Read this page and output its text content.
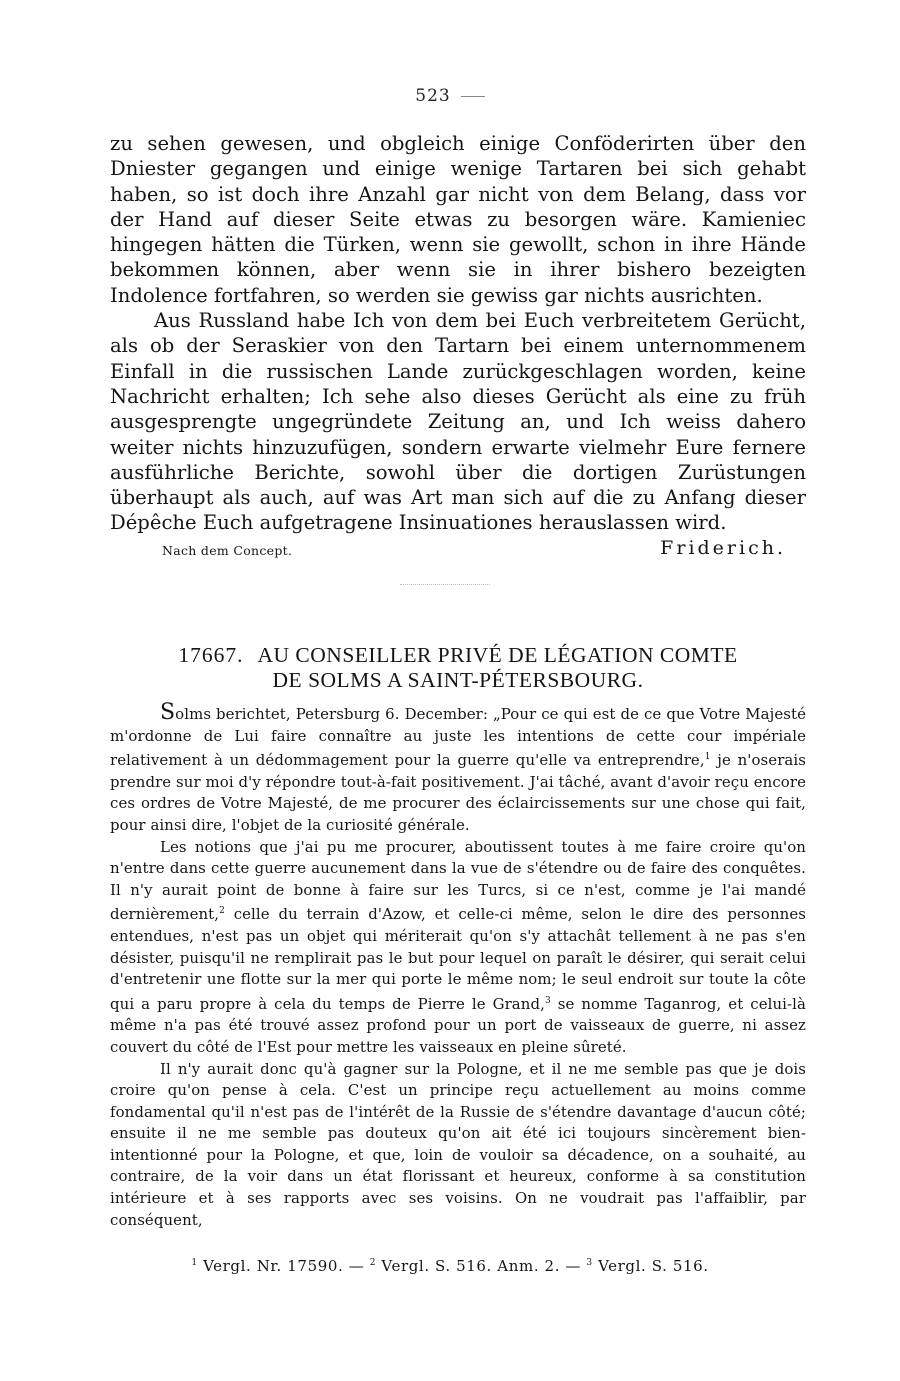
523

zu sehen gewesen, und obgleich einige Conföderirten über den Dniester gegangen und einige wenige Tartaren bei sich gehabt haben, so ist doch ihre Anzahl gar nicht von dem Belang, dass vor der Hand auf dieser Seite etwas zu besorgen wäre. Kamieniec hingegen hätten die Türken, wenn sie gewollt, schon in ihre Hände bekommen können, aber wenn sie in ihrer bishero bezeigten Indolence fortfahren, so werden sie gewiss gar nichts ausrichten.

Aus Russland habe Ich von dem bei Euch verbreitetem Gerücht, als ob der Seraskier von den Tartarn bei einem unternommenem Einfall in die russischen Lande zurückgeschlagen worden, keine Nachricht erhalten; Ich sehe also dieses Gerücht als eine zu früh ausgesprengte ungegründete Zeitung an, und Ich weiss dahero weiter nichts hinzuzufügen, sondern erwarte vielmehr Eure fernere ausführliche Berichte, sowohl über die dortigen Zurüstungen überhaupt als auch, auf was Art man sich auf die zu Anfang dieser Dépêche Euch aufgetragene Insinuationes herauslassen wird.

Nach dem Concept.	Friderich.
17667. AU CONSEILLER PRIVÉ DE LÉGATION COMTE
DE SOLMS A SAINT-PÉTERSBOURG.

Solms berichtet, Petersburg 6. December: „Pour ce qui est de ce que Votre Majesté m'ordonne de Lui faire connaître au juste les intentions de cette cour impériale relativement à un dédommagement pour la guerre qu'elle va entreprendre,$^1$ je n'oserais prendre sur moi d'y répondre tout-à-fait positivement. J'ai tâché, avant d'avoir reçu encore ces ordres de Votre Majesté, de me procurer des éclaircissements sur une chose qui fait, pour ainsi dire, l'objet de la curiosité générale.

Les notions que j'ai pu me procurer, aboutissent toutes à me faire croire qu'on n'entre dans cette guerre aucunement dans la vue de s'étendre ou de faire des conquêtes. Il n'y aurait point de bonne à faire sur les Turcs, si ce n'est, comme je l'ai mandé dernièrement,$^2$ celle du terrain d'Azow, et celle-ci même, selon le dire des personnes entendues, n'est pas un objet qui mériterait qu'on s'y attachât tellement à ne pas s'en désister, puisqu'il ne remplirait pas le but pour lequel on paraît le désirer, qui serait celui d'entretenir une flotte sur la mer qui porte le même nom; le seul endroit sur toute la côte qui a paru propre à cela du temps de Pierre le Grand,$^3$ se nomme Taganrog, et celui-là même n'a pas été trouvé assez profond pour un port de vaisseaux de guerre, ni assez couvert du côté de l'Est pour mettre les vaisseaux en pleine sûreté.

Il n'y aurait donc qu'à gagner sur la Pologne, et il ne me semble pas que je dois croire qu'on pense à cela. C'est un principe reçu actuellement au moins comme fondamental qu'il n'est pas de l'intérêt de la Russie de s'étendre davantage d'aucun côté; ensuite il ne me semble pas douteux qu'on ait été ici toujours sincèrement bien-intentionné pour la Pologne, et que, loin de vouloir sa décadence, on a souhaité, au contraire, de la voir dans un état florissant et heureux, conforme à sa constitution intérieure et à ses rapports avec ses voisins. On ne voudrait pas l'affaiblir, par conséquent,

$^1$ Vergl. Nr. 17590. — $^2$ Vergl. S. 516. Anm. 2. — $^3$ Vergl. S. 516.
